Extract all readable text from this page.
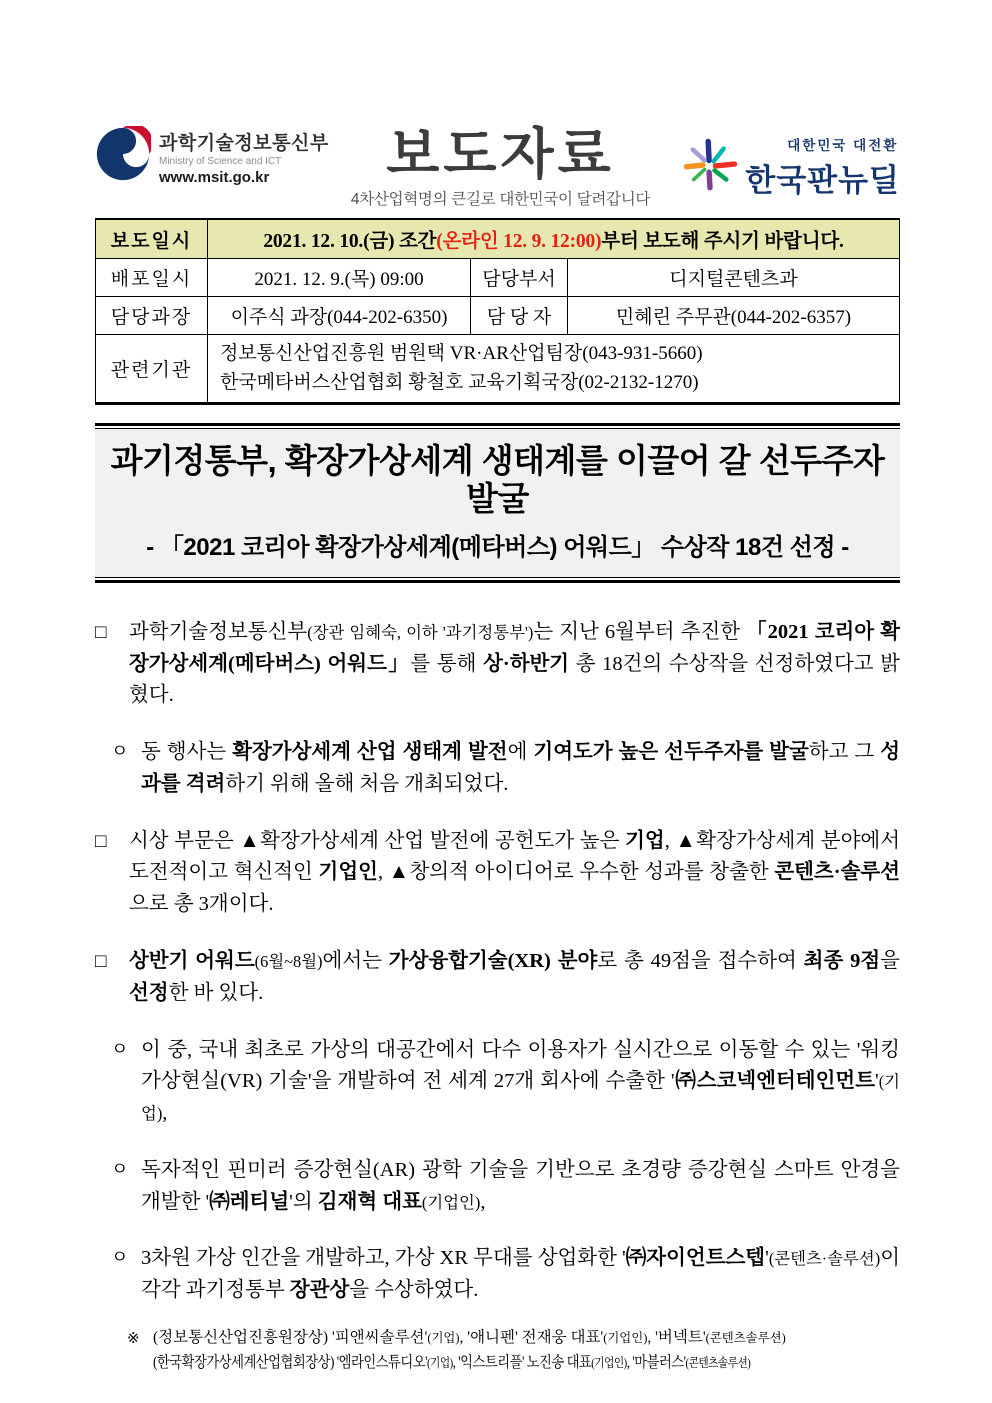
과학기술정보통신부
Ministry of Science and ICT
www.msit.go.kr	보도자료
4차산업혁명의 큰길로 대한민국이 달려갑니다
대한민국 대전환
한국판뉴딜
보도일시	2021. 12. 10.(금) 조간(온라인 12. 9. 12:00)부터 보도해 주시기 바랍니다.		
배포일시	2021. 12. 9.(목) 09:00	담당부서	디지털콘텐츠과
담당과장	이주식 과장(044-202-6350)	담 당 자	민혜린 주무관(044-202-6357)
관련기관	정보통신산업진흥원 범원택 VR·AR산업팀장(043-931-5660)
한국메타버스산업협회 황철호 교육기획국장(02-2132-1270)		
과기정통부, 확장가상세계 생태계를 이끌어 갈 선두주자 발굴
- 「2021 코리아 확장가상세계(메타버스) 어워드」 수상작 18건 선정 -

□	과학기술정보통신부(장관 임혜숙, 이하 '과기정통부')는 지난 6월부터 추진한 「2021 코리아 확장가상세계(메타버스) 어워드」를 통해 상·하반기 총 18건의 수상작을 선정하였다고 밝혔다.

ㅇ 동 행사는 확장가상세계 산업 생태계 발전에 기여도가 높은 선두주자를 발굴하고 그 성과를 격려하기 위해 올해 처음 개최되었다.

□	시상 부문은 ▲확장가상세계 산업 발전에 공헌도가 높은 기업, ▲확장가상세계 분야에서 도전적이고 혁신적인 기업인, ▲창의적 아이디어로 우수한 성과를 창출한 콘텐츠·솔루션으로 총 3개이다.

□	상반기 어워드(6월~8월)에서는 가상융합기술(XR) 분야로 총 49점을 접수하여 최종 9점을 선정한 바 있다.

ㅇ 이 중, 국내 최초로 가상의 대공간에서 다수 이용자가 실시간으로 이동할 수 있는 '워킹 가상현실(VR) 기술'을 개발하여 전 세계 27개 회사에 수출한 '㈜스코넥엔터테인먼트'(기업),

ㅇ 독자적인 핀미러 증강현실(AR) 광학 기술을 기반으로 초경량 증강현실 스마트 안경을 개발한 '㈜레티널'의 김재혁 대표(기업인),

ㅇ 3차원 가상 인간을 개발하고, 가상 XR 무대를 상업화한 '㈜자이언트스텝'(콘텐츠·솔루션)이 각각 과기정통부 장관상을 수상하였다.

※ (정보통신산업진흥원장상) '피앤씨솔루션'(기업), '애니펜' 전재웅 대표'(기업인), '버넥트'(콘텐츠솔루션)
(한국확장가상세계산업협회장상) '엠라인스튜디오'(기업), '익스트리플' 노진송 대표(기업인), '마블러스'(콘텐츠솔루션)
